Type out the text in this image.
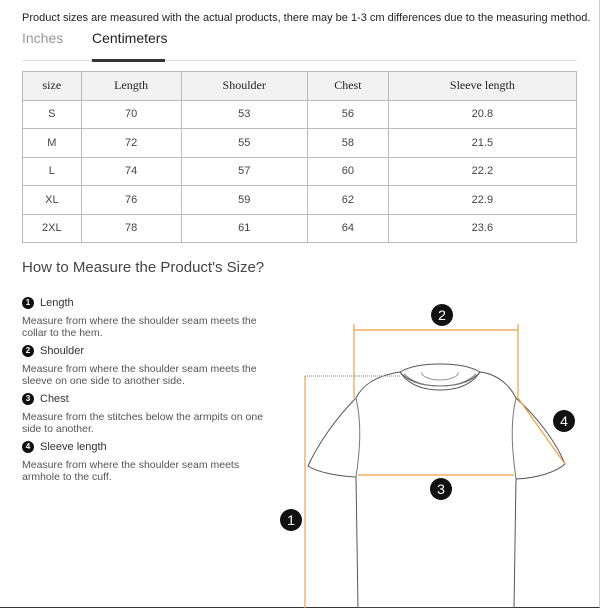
Product sizes are measured with the actual products, there may be 1-3 cm differences due to the measuring method.
Inches Centimeters
size	Length	Shoulder	Chest	Sleeve length
S	70	53	56	20.8
M	72	55	58	21.5
L	74	57	60	22.2
XL	76	59	62	22.9
2XL	78	61	64	23.6
How to Measure the Product's Size?
1 Length
Measure from where the shoulder seam meets the collar to the hem.
2 Shoulder
Measure from where the shoulder seam meets the sleeve on one side to another side.
3 Chest
Measure from the stitches below the armpits on one side to another.
4 Sleeve length
Measure from where the shoulder seam meets armhole to the cuff.
2
3
1
4
